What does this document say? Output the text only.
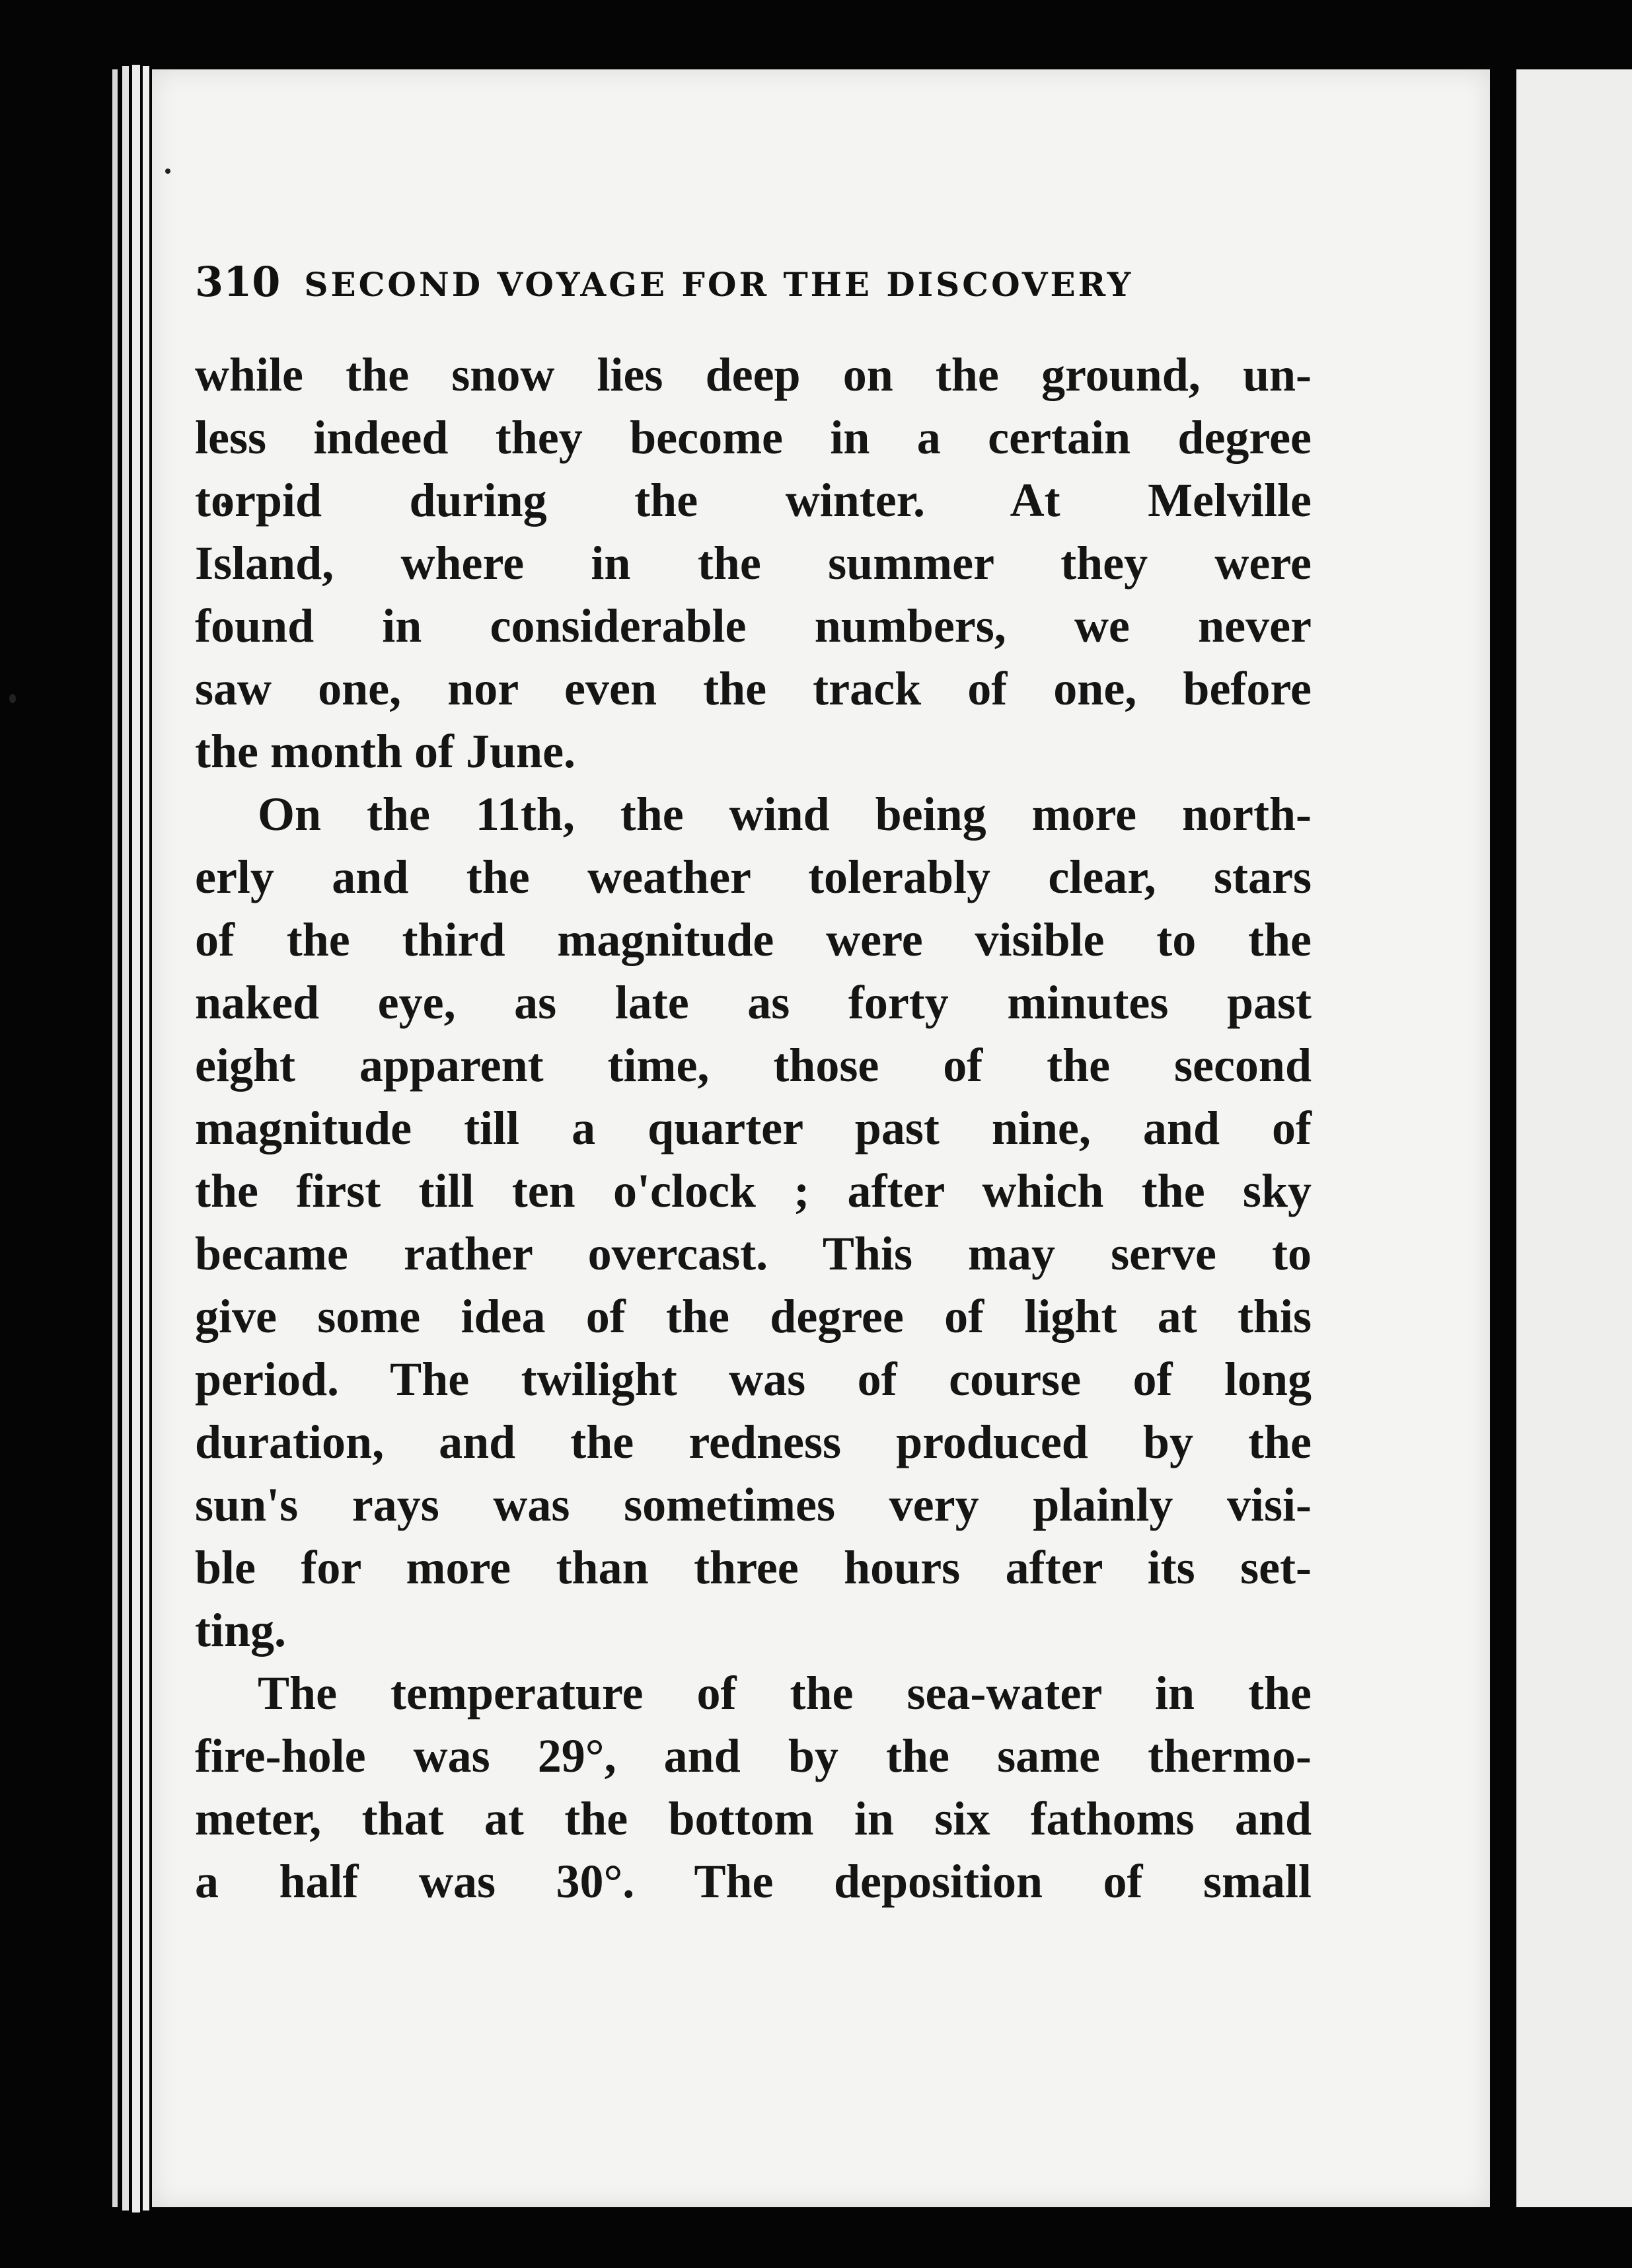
310 SECOND VOYAGE FOR THE DISCOVERY
while the snow lies deep on the ground, un-
less indeed they become in a certain degree
torpid during the winter. At Melville
Island, where in the summer they were
found in considerable numbers, we never
saw one, nor even the track of one, before
the month of June.
On the 11th, the wind being more north-
erly and the weather tolerably clear, stars
of the third magnitude were visible to the
naked eye, as late as forty minutes past
eight apparent time, those of the second
magnitude till a quarter past nine, and of
the first till ten o'clock ; after which the sky
became rather overcast. This may serve to
give some idea of the degree of light at this
period. The twilight was of course of long
duration, and the redness produced by the
sun's rays was sometimes very plainly visi-
ble for more than three hours after its set-
ting.
The temperature of the sea-water in the
fire-hole was 29°, and by the same thermo-
meter, that at the bottom in six fathoms and
a half was 30°. The deposition of small
